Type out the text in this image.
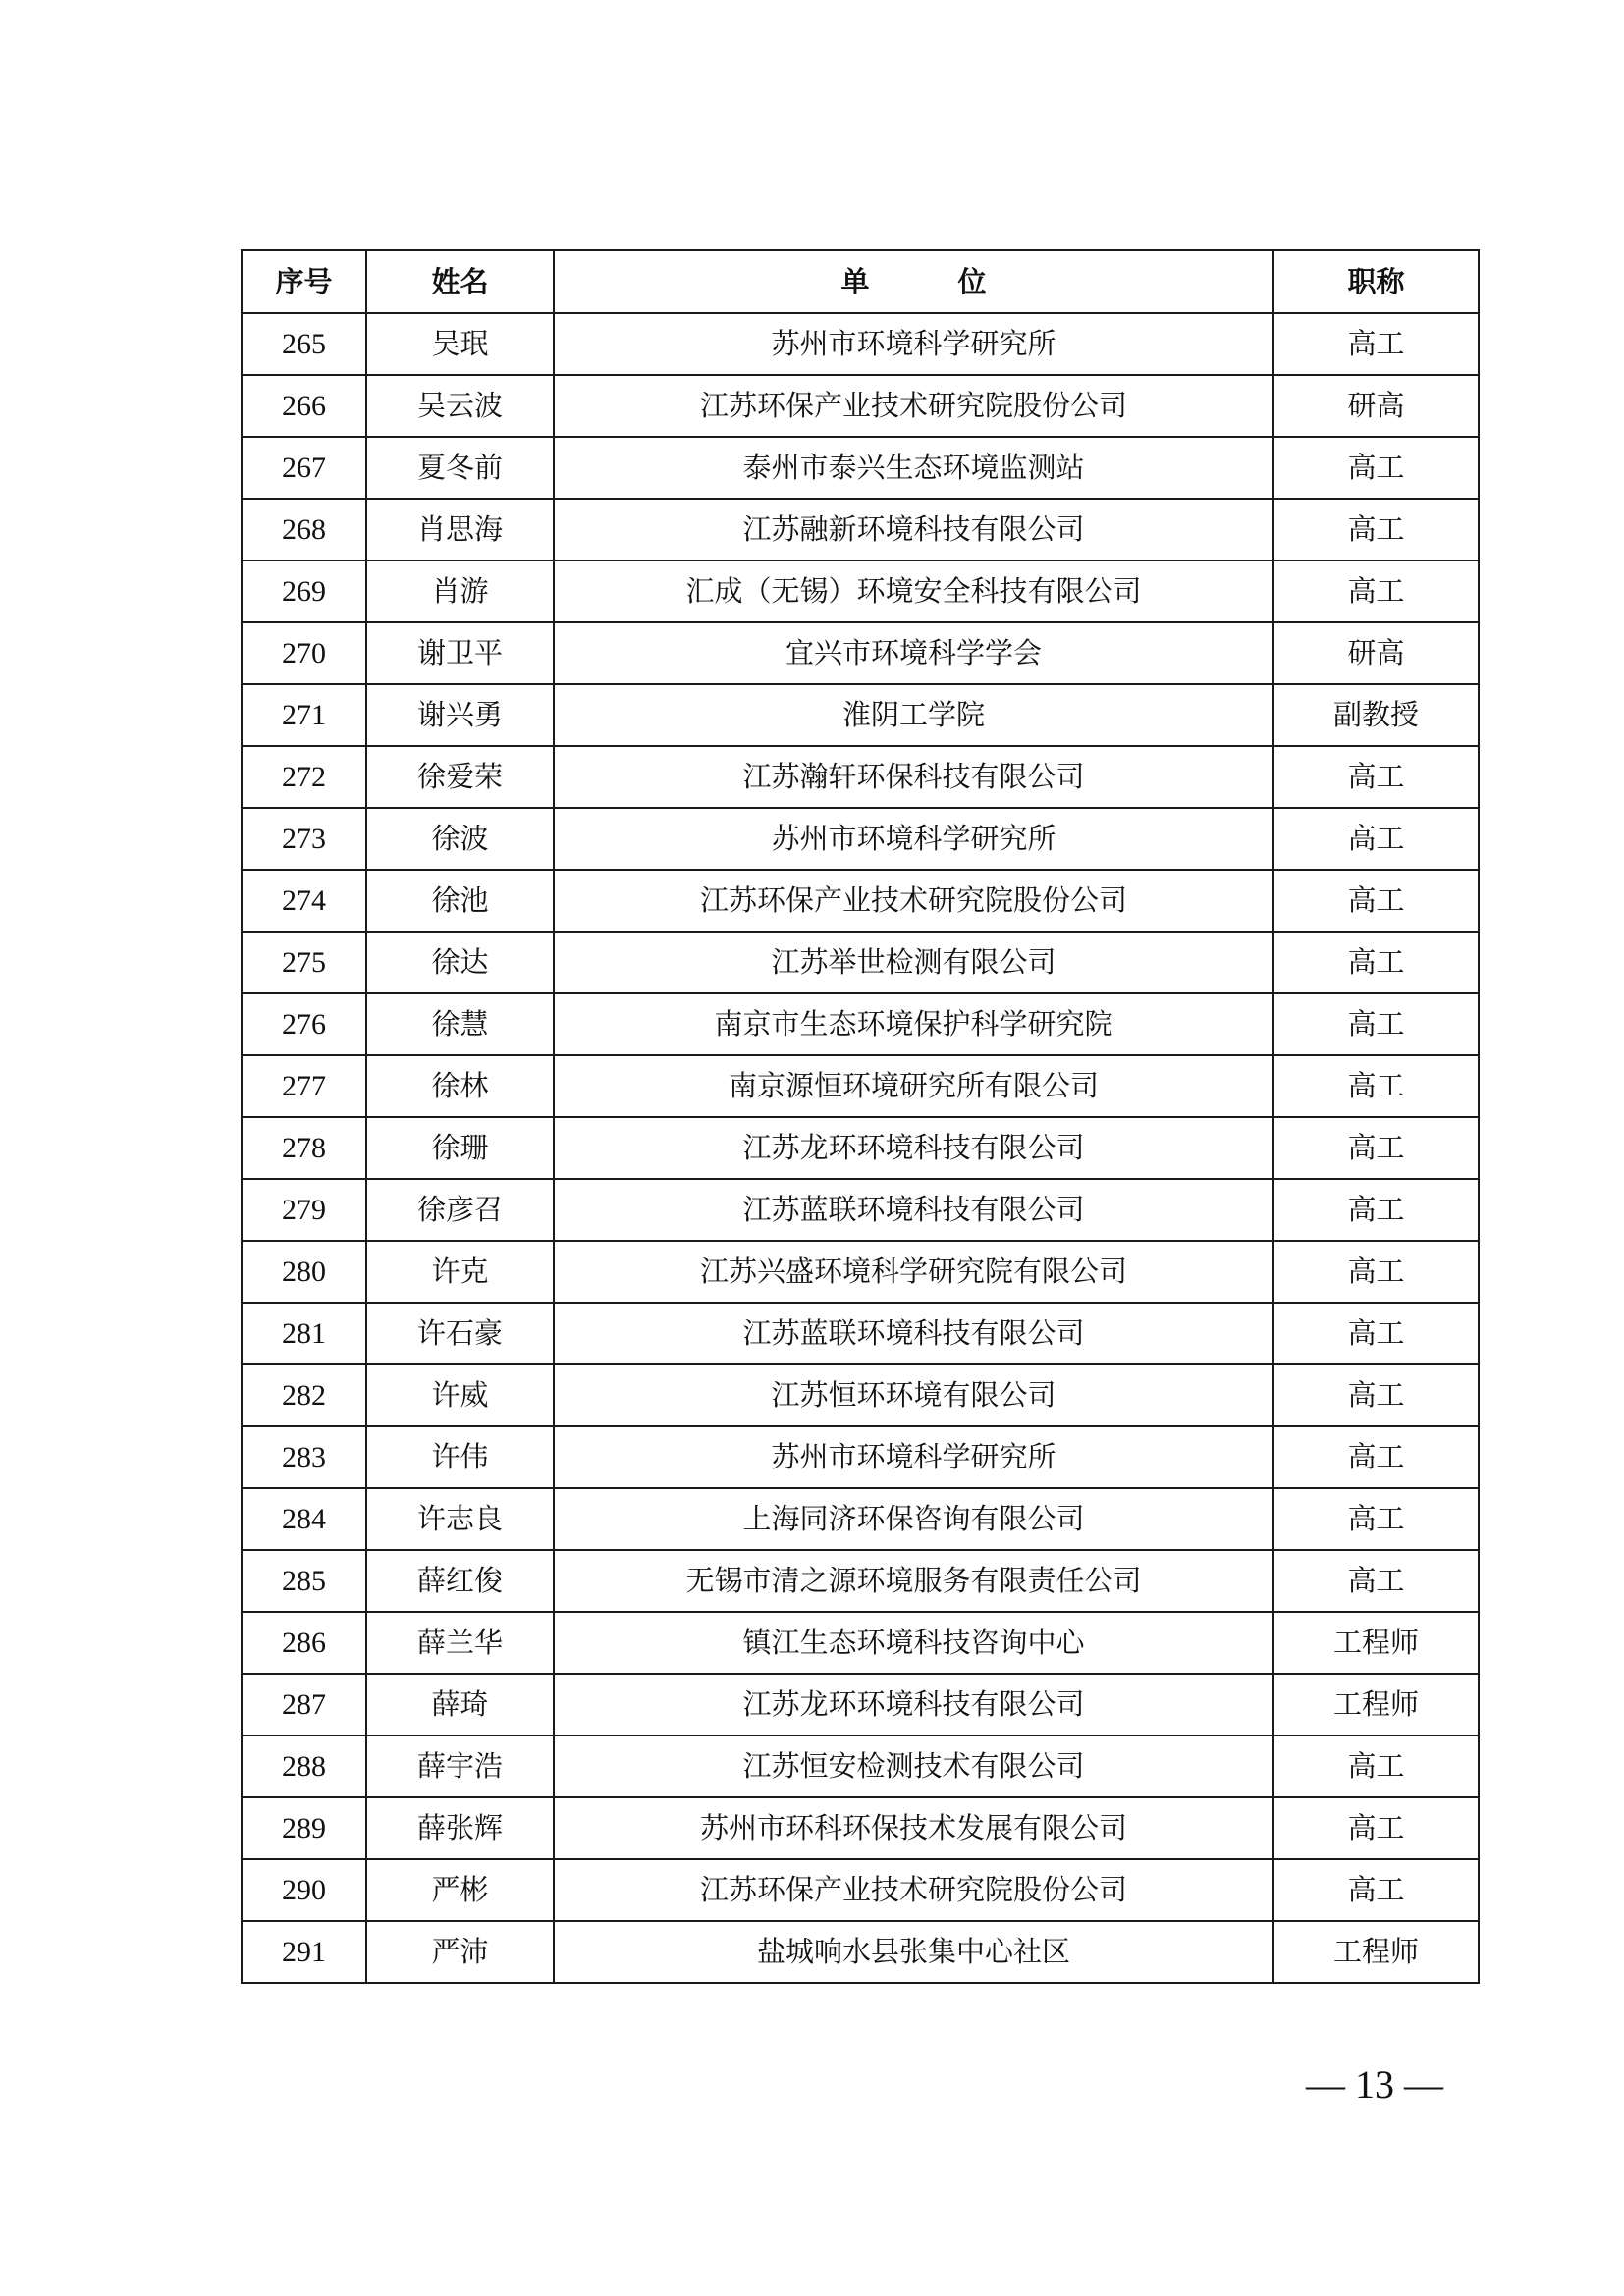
序号	姓名	单 位	职称
265	吴珉	苏州市环境科学研究所	高工
266	吴云波	江苏环保产业技术研究院股份公司	研高
267	夏冬前	泰州市泰兴生态环境监测站	高工
268	肖思海	江苏融新环境科技有限公司	高工
269	肖游	汇成（无锡）环境安全科技有限公司	高工
270	谢卫平	宜兴市环境科学学会	研高
271	谢兴勇	淮阴工学院	副教授
272	徐爱荣	江苏瀚轩环保科技有限公司	高工
273	徐波	苏州市环境科学研究所	高工
274	徐池	江苏环保产业技术研究院股份公司	高工
275	徐达	江苏举世检测有限公司	高工
276	徐慧	南京市生态环境保护科学研究院	高工
277	徐林	南京源恒环境研究所有限公司	高工
278	徐珊	江苏龙环环境科技有限公司	高工
279	徐彦召	江苏蓝联环境科技有限公司	高工
280	许克	江苏兴盛环境科学研究院有限公司	高工
281	许石豪	江苏蓝联环境科技有限公司	高工
282	许威	江苏恒环环境有限公司	高工
283	许伟	苏州市环境科学研究所	高工
284	许志良	上海同济环保咨询有限公司	高工
285	薛红俊	无锡市清之源环境服务有限责任公司	高工
286	薛兰华	镇江生态环境科技咨询中心	工程师
287	薛琦	江苏龙环环境科技有限公司	工程师
288	薛宇浩	江苏恒安检测技术有限公司	高工
289	薛张辉	苏州市环科环保技术发展有限公司	高工
290	严彬	江苏环保产业技术研究院股份公司	高工
291	严沛	盐城响水县张集中心社区	工程师
— 13 —
